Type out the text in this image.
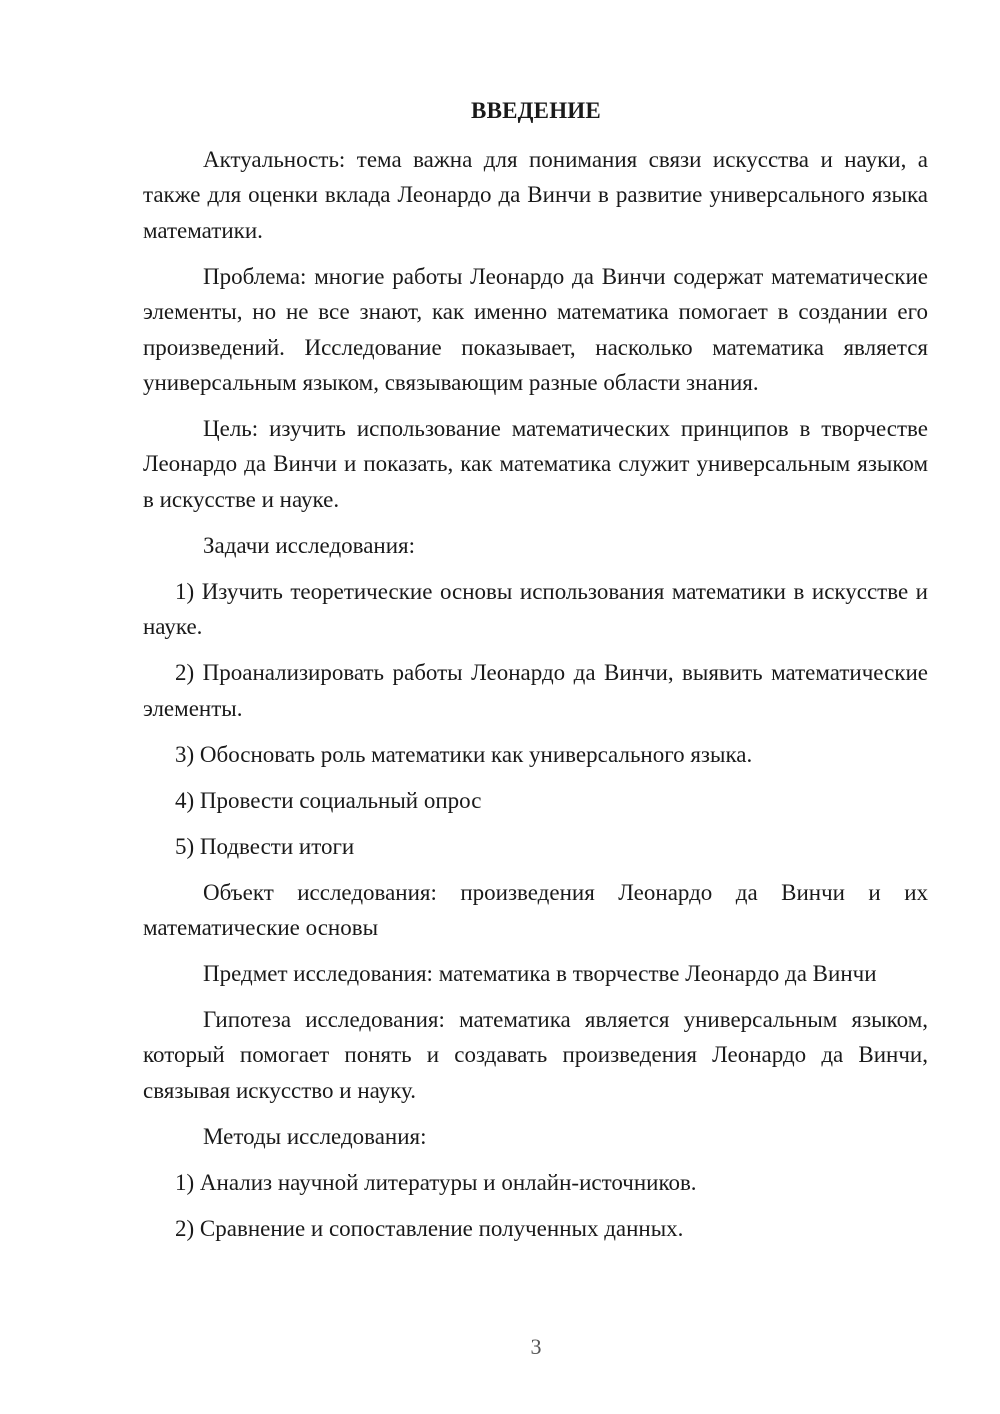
ВВЕДЕНИЕ

Актуальность: тема важна для понимания связи искусства и науки, а также для оценки вклада Леонардо да Винчи в развитие универсального языка математики.

Проблема: многие работы Леонардо да Винчи содержат математические элементы, но не все знают, как именно математика помогает в создании его произведений. Исследование показывает, насколько математика является универсальным языком, связывающим разные области знания.

Цель: изучить использование математических принципов в творчестве Леонардо да Винчи и показать, как математика служит универсальным языком в искусстве и науке.

Задачи исследования:

1) Изучить теоретические основы использования математики в искусстве и науке.

2) Проанализировать работы Леонардо да Винчи, выявить математические элементы.

3) Обосновать роль математики как универсального языка.

4) Провести социальный опрос

5) Подвести итоги

Объект исследования: произведения Леонардо да Винчи и их математические основы

Предмет исследования: математика в творчестве Леонардо да Винчи

Гипотеза исследования: математика является универсальным языком, который помогает понять и создавать произведения Леонардо да Винчи, связывая искусство и науку.

Методы исследования:

1) Анализ научной литературы и онлайн-источников.

2) Сравнение и сопоставление полученных данных.

3
